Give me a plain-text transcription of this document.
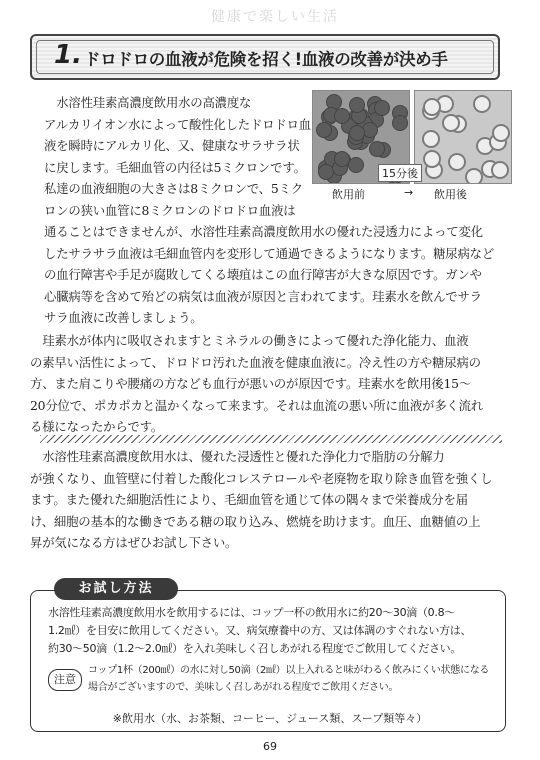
健康で楽しい生活
1. ドロドロの血液が危険を招く!血液の改善が決め手
　水溶性珪素高濃度飲用水の高濃度な
アルカリイオン水によって酸性化したドロドロ血
液を瞬時にアルカリ化、又、健康なサラサラ状
に戻します。毛細血管の内径は5ミクロンです。
私達の血液細胞の大きさは8ミクロンで、5ミク
ロンの狭い血管に8ミクロンのドロドロ血液は
通ることはできませんが、水溶性珪素高濃度飲用水の優れた浸透力によって変化
したサラサラ血液は毛細血管内を変形して通過できるようになります。糖尿病など
の血行障害や手足が腐敗してくる壊疽はこの血行障害が大きな原因です。ガンや
心臓病等を含めて殆どの病気は血液が原因と言われてます。珪素水を飲んでサラ
サラ血液に改善しましょう。
15分後
飲用前	→ 飲用後
　珪素水が体内に吸収されますとミネラルの働きによって優れた浄化能力、血液
の素早い活性によって、ドロドロ汚れた血液を健康血液に。冷え性の方や糖尿病の
方、また肩こりや腰痛の方なども血行が悪いのが原因です。珪素水を飲用後15～
20分位で、ポカポカと温かくなって来ます。それは血流の悪い所に血液が多く流れ
る様になったからです。
　水溶性珪素高濃度飲用水は、優れた浸透性と優れた浄化力で脂肪の分解力
が強くなり、血管壁に付着した酸化コレステロールや老廃物を取り除き血管を強くし
ます。また優れた細胞活性により、毛細血管を通じて体の隅々まで栄養成分を届
け、細胞の基本的な働きである糖の取り込み、燃焼を助けます。血圧、血糖値の上
昇が気になる方はぜひお試し下さい。
お試し方法
水溶性珪素高濃度飲用水を飲用するには、コップ一杯の飲用水に約20～30滴（0.8～
1.2㎖）を目安に飲用してください。又、病気療養中の方、又は体調のすぐれない方は、
約30～50滴（1.2～2.0㎖）を入れ美味しく召しあがれる程度でご飲用してください。
注意
コップ1杯（200㎖）の水に対し50滴（2㎖）以上入れると味がわるく飲みにくい状態になる
場合がございますので、美味しく召しあがれる程度でご飲用ください。
※飲用水（水、お茶類、コーヒー、ジュース類、スープ類等々）
69
